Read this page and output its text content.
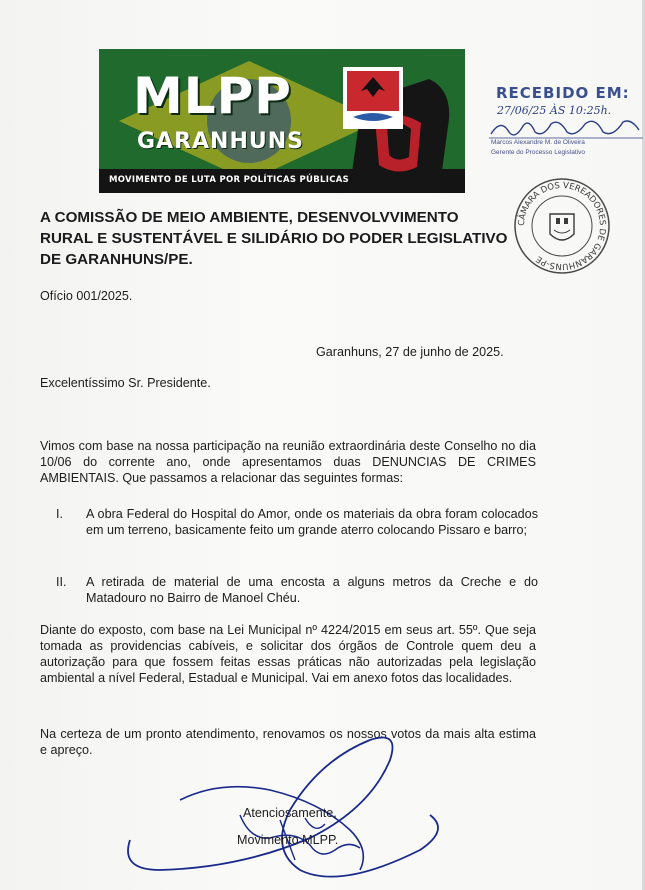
MLPP
GARANHUNS
MOVIMENTO DE LUTA POR POLÍTICAS PÚBLICAS
RECEBIDO EM:
27/06/25 ÀS 10:25h.
Marcos Alexandre M. de Oliveira
Gerente do Processo Legislativo
CÂMARA DOS VEREADORES DE GARANHUNS-PE
A COMISSÃO DE MEIO AMBIENTE, DESENVOLVVIMENTO RURAL E SUSTENTÁVEL E SILIDÁRIO DO PODER LEGISLATIVO DE GARANHUNS/PE.
Ofício 001/2025.
Garanhuns, 27 de junho de 2025.
Excelentíssimo Sr. Presidente.
Vimos com base na nossa participação na reunião extraordinária deste Conselho no dia 10/06 do corrente ano, onde apresentamos duas DENUNCIAS DE CRIMES AMBIENTAIS. Que passamos a relacionar das seguintes formas:
I.	A obra Federal do Hospital do Amor, onde os materiais da obra foram colocados em um terreno, basicamente feito um grande aterro colocando Pissaro e barro;
II.	A retirada de material de uma encosta a alguns metros da Creche e do Matadouro no Bairro de Manoel Chéu.
Diante do exposto, com base na Lei Municipal nº 4224/2015 em seus art. 55º. Que seja tomada as providencias cabíveis, e solicitar dos órgãos de Controle quem deu a autorização para que fossem feitas essas práticas não autorizadas pela legislação ambiental a nível Federal, Estadual e Municipal. Vai em anexo fotos das localidades.
Na certeza de um pronto atendimento, renovamos os nossos votos da mais alta estima e apreço.
Atenciosamente,
Movimento MLPP.
